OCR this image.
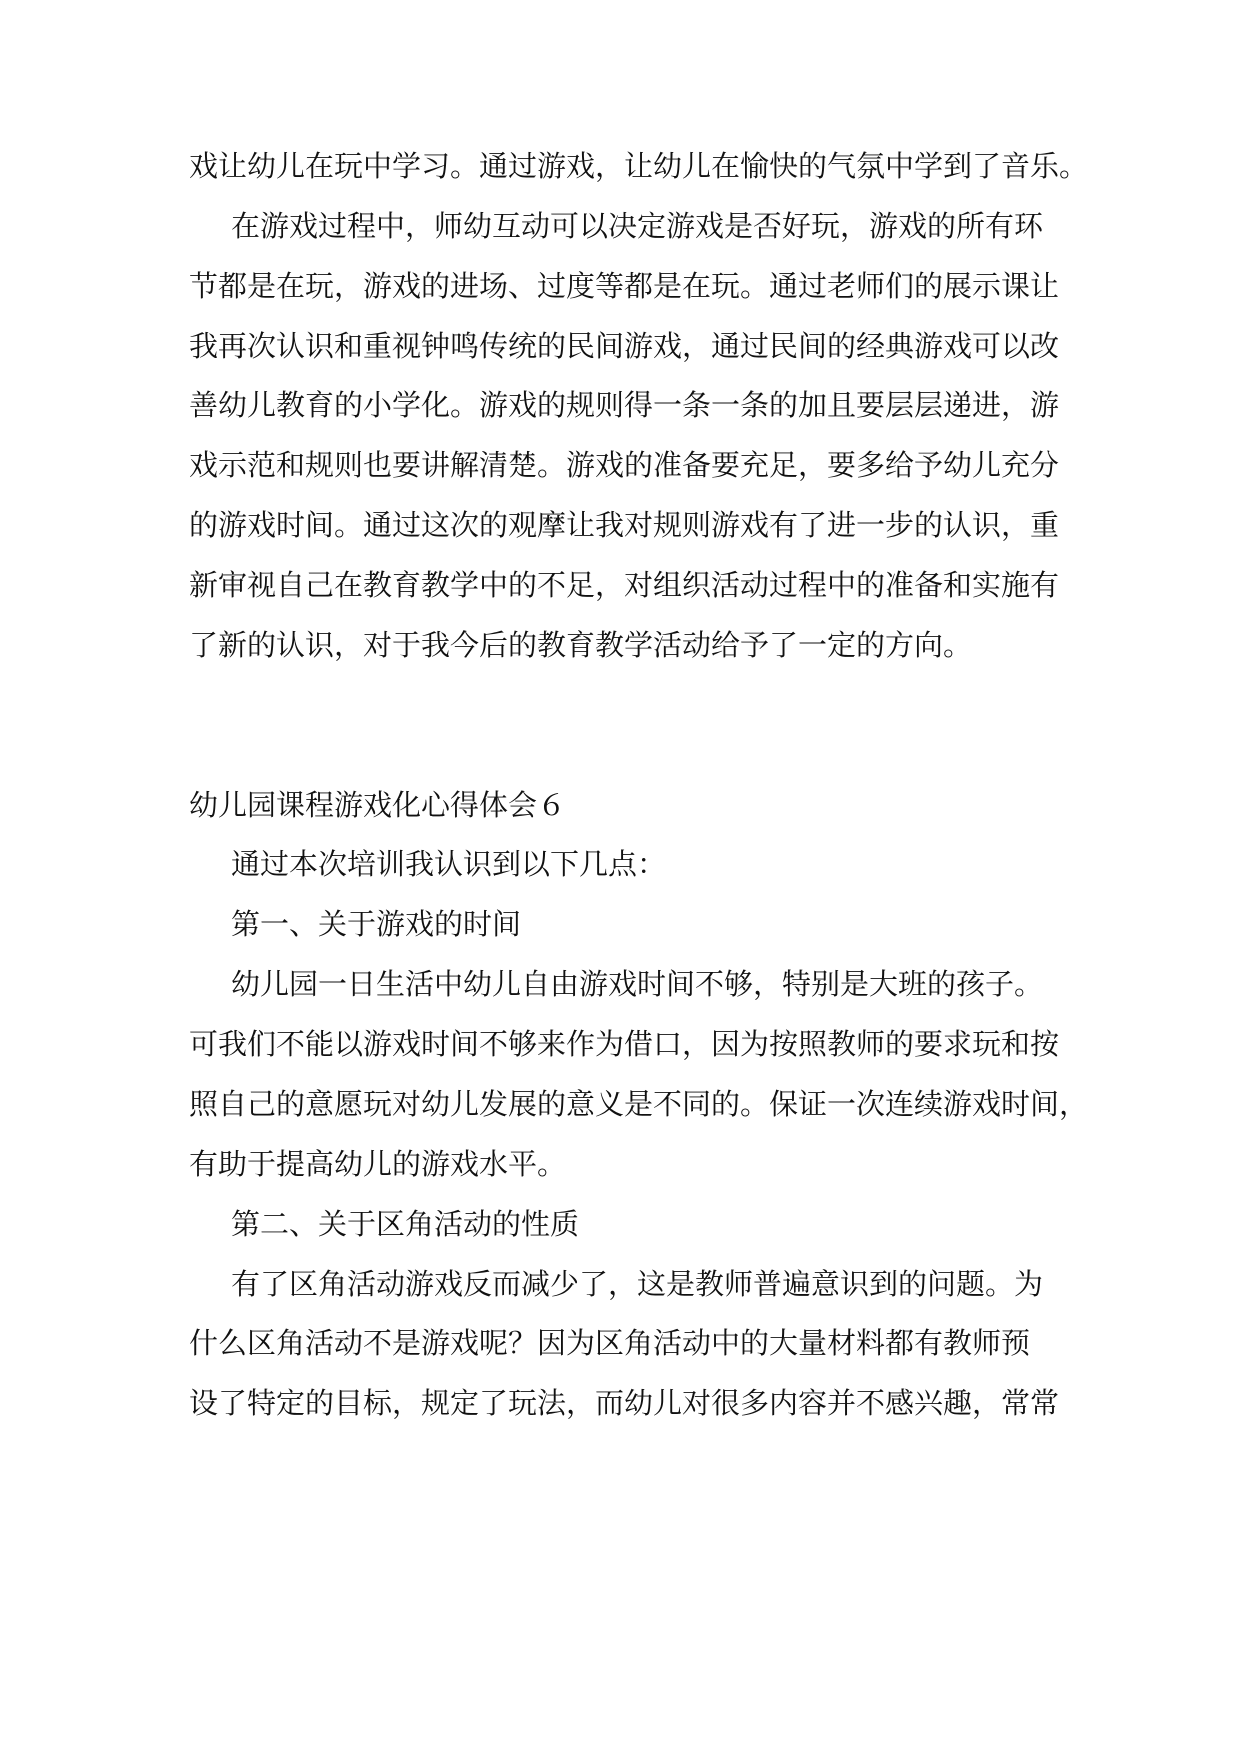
戏让幼儿在玩中学习。通过游戏，让幼儿在愉快的气氛中学到了音乐。
在游戏过程中，师幼互动可以决定游戏是否好玩，游戏的所有环
节都是在玩，游戏的进场、过度等都是在玩。通过老师们的展示课让
我再次认识和重视钟鸣传统的民间游戏，通过民间的经典游戏可以改
善幼儿教育的小学化。游戏的规则得一条一条的加且要层层递进，游
戏示范和规则也要讲解清楚。游戏的准备要充足，要多给予幼儿充分
的游戏时间。通过这次的观摩让我对规则游戏有了进一步的认识，重
新审视自己在教育教学中的不足，对组织活动过程中的准备和实施有
了新的认识，对于我今后的教育教学活动给予了一定的方向。
幼儿园课程游戏化心得体会６
通过本次培训我认识到以下几点：
第一、关于游戏的时间
幼儿园一日生活中幼儿自由游戏时间不够，特别是大班的孩子。
可我们不能以游戏时间不够来作为借口，因为按照教师的要求玩和按
照自己的意愿玩对幼儿发展的意义是不同的。保证一次连续游戏时间，
有助于提高幼儿的游戏水平。
第二、关于区角活动的性质
有了区角活动游戏反而减少了，这是教师普遍意识到的问题。为
什么区角活动不是游戏呢？因为区角活动中的大量材料都有教师预
设了特定的目标，规定了玩法，而幼儿对很多内容并不感兴趣，常常
